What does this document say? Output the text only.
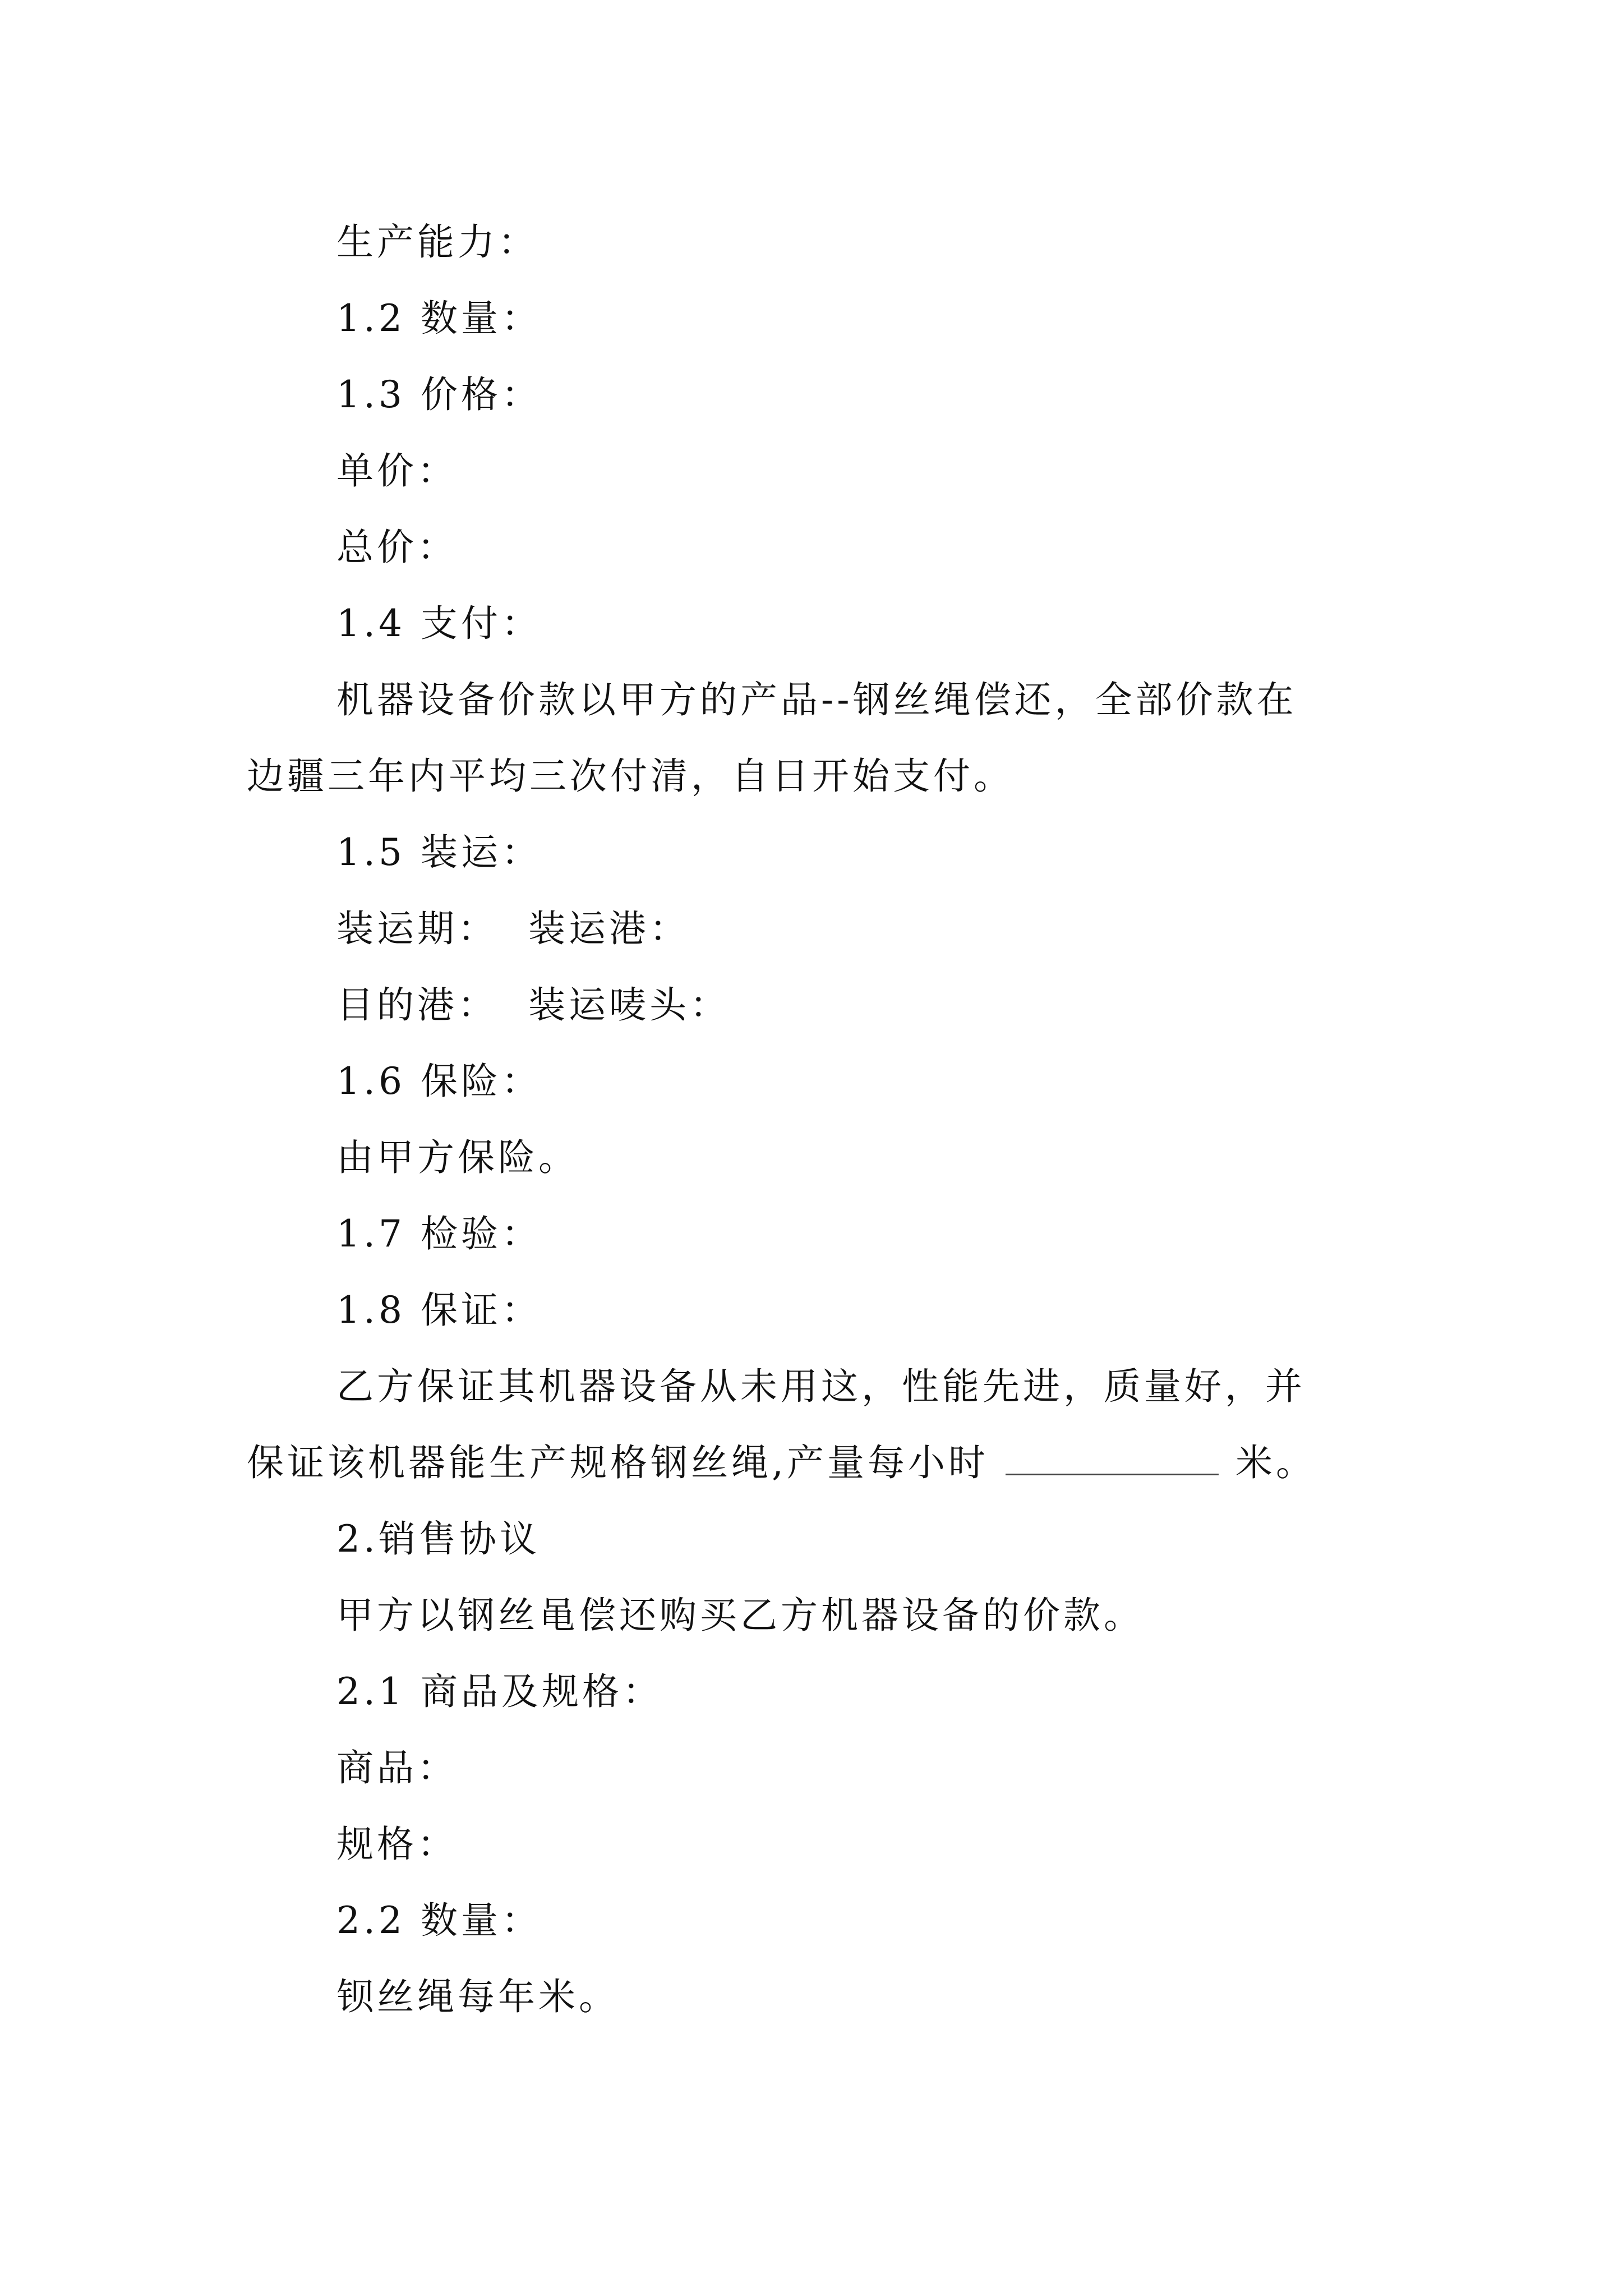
生产能力：
1.2 数量：
1.3 价格：
单价：
总价：
1.4 支付：
机器设备价款以甲方的产品--钢丝绳偿还，全部价款在
边疆三年内平均三次付清，自日开始支付。
1.5 装运：
装运期：  装运港：
目的港：  装运唛头：
1.6 保险：
由甲方保险。
1.7 检验：
1.8 保证：
乙方保证其机器设备从未用这，性能先进，质量好，并
保证该机器能生产规格钢丝绳,产量每小时	米。
2.销售协议
甲方以钢丝黾偿还购买乙方机器设备的价款。
2.1 商品及规格：
商品：
规格：
2.2 数量：
钡丝绳每年米。
